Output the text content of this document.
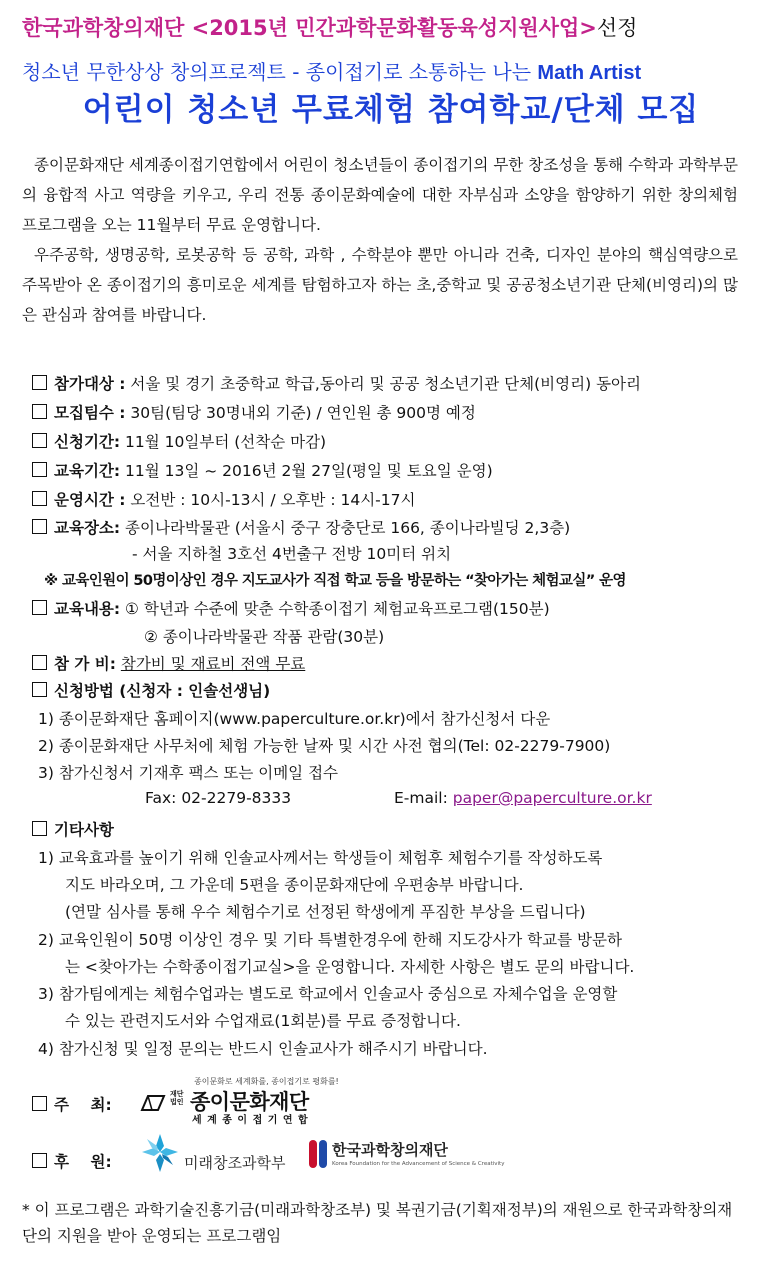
한국과학창의재단 <2015년 민간과학문화활동육성지원사업>선정
청소년 무한상상 창의프로젝트 - 종이접기로 소통하는 나는 Math Artist
어린이 청소년 무료체험 참여학교/단체 모집

종이문화재단 세계종이접기연합에서 어린이 청소년들이 종이접기의 무한 창조성을 통해 수학과 과학부문의 융합적 사고 역량을 키우고, 우리 전통 종이문화예술에 대한 자부심과 소양을 함양하기 위한 창의체험 프로그램을 오는 11월부터 무료 운영합니다.

우주공학, 생명공학, 로봇공학 등 공학, 과학 , 수학분야 뿐만 아니라 건축, 디자인 분야의 핵심역량으로 주목받아 온 종이접기의 흥미로운 세계를 탐험하고자 하는 초,중학교 및 공공청소년기관 단체(비영리)의 많은 관심과 참여를 바랍니다.

참가대상 : 서울 및 경기 초중학교 학급,동아리 및 공공 청소년기관 단체(비영리) 동아리
모집팀수 : 30팀(팀당 30명내외 기준) / 연인원 총 900명 예정
신청기간: 11월 10일부터 (선착순 마감)
교육기간: 11월 13일 ~ 2016년 2월 27일(평일 및 토요일 운영)
운영시간 : 오전반 : 10시-13시 / 오후반 : 14시-17시
교육장소: 종이나라박물관 (서울시 중구 장충단로 166, 종이나라빌딩 2,3층)
- 서울 지하철 3호선 4번출구 전방 10미터 위치
※ 교육인원이 50명이상인 경우 지도교사가 직접 학교 등을 방문하는 “찾아가는 체험교실” 운영
교육내용: ① 학년과 수준에 맞춘 수학종이접기 체험교육프로그램(150분)
② 종이나라박물관 작품 관람(30분)
참 가 비: 참가비 및 재료비 전액 무료
신청방법 (신청자 : 인솔선생님)
1) 종이문화재단 홈페이지(www.paperculture.or.kr)에서 참가신청서 다운
2) 종이문화재단 사무처에 체험 가능한 날짜 및 시간 사전 협의(Tel: 02-2279-7900)
3) 참가신청서 기재후 팩스 또는 이메일 접수
Fax: 02-2279-8333	E-mail: paper@paperculture.or.kr
기타사항
1) 교육효과를 높이기 위해 인솔교사께서는 학생들이 체험후 체험수기를 작성하도록
지도 바라오며, 그 가운데 5편을 종이문화재단에 우편송부 바랍니다.
(연말 심사를 통해 우수 체험수기로 선정된 학생에게 푸짐한 부상을 드립니다)
2) 교육인원이 50명 이상인 경우 및 기타 특별한경우에 한해 지도강사가 학교를 방문하
는 <찾아가는 수학종이접기교실>을 운영합니다. 자세한 사항은 별도 문의 바랍니다.
3) 참가팀에게는 체험수업과는 별도로 학교에서 인솔교사 중심으로 자체수업을 운영할
수 있는 관련지도서와 수업재료(1회분)를 무료 증정합니다.
4) 참가신청 및 일정 문의는 반드시 인솔교사가 해주시기 바랍니다.
주    최:
종이문화로 세계화를, 종이접기로 평화를!
재단법인 종이문화재단
세 계 종 이 접 기 연 합
후    원:	미래창조과학부
한국과학창의재단
Korea Foundation for the Advancement of Science & Creativity
* 이 프로그램은 과학기술진흥기금(미래과학창조부) 및 복권기금(기획재정부)의 재원으로 한국과학창의재단의 지원을 받아 운영되는 프로그램임
